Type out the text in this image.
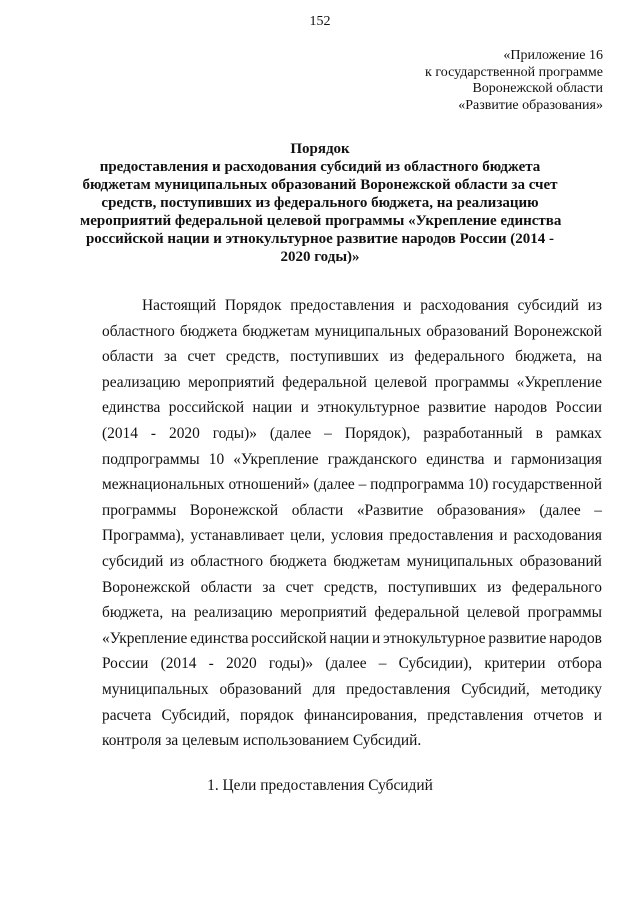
152
«Приложение 16
к государственной программе
Воронежской области
«Развитие образования»
Порядок
предоставления и расходования субсидий из областного бюджета
бюджетам муниципальных образований Воронежской области за счет
средств, поступивших из федерального бюджета, на реализацию
мероприятий федеральной целевой программы «Укрепление единства
российской нации и этнокультурное развитие народов России (2014 -
2020 годы)»
Настоящий Порядок предоставления и расходования субсидий из
областного бюджета бюджетам муниципальных образований Воронежской
области за счет средств, поступивших из федерального бюджета, на
реализацию мероприятий федеральной целевой программы «Укрепление
единства российской нации и этнокультурное развитие народов России
(2014 - 2020 годы)» (далее – Порядок), разработанный в рамках
подпрограммы 10 «Укрепление гражданского единства и гармонизация
межнациональных отношений» (далее – подпрограмма 10) государственной
программы Воронежской области «Развитие образования» (далее –
Программа), устанавливает цели, условия предоставления и расходования
субсидий из областного бюджета бюджетам муниципальных образований
Воронежской области за счет средств, поступивших из федерального
бюджета, на реализацию мероприятий федеральной целевой программы
«Укрепление единства российской нации и этнокультурное развитие народов
России (2014 - 2020 годы)» (далее – Субсидии), критерии отбора
муниципальных образований для предоставления Субсидий, методику
расчета Субсидий, порядок финансирования, представления отчетов и
контроля за целевым использованием Субсидий.
1. Цели предоставления Субсидий
